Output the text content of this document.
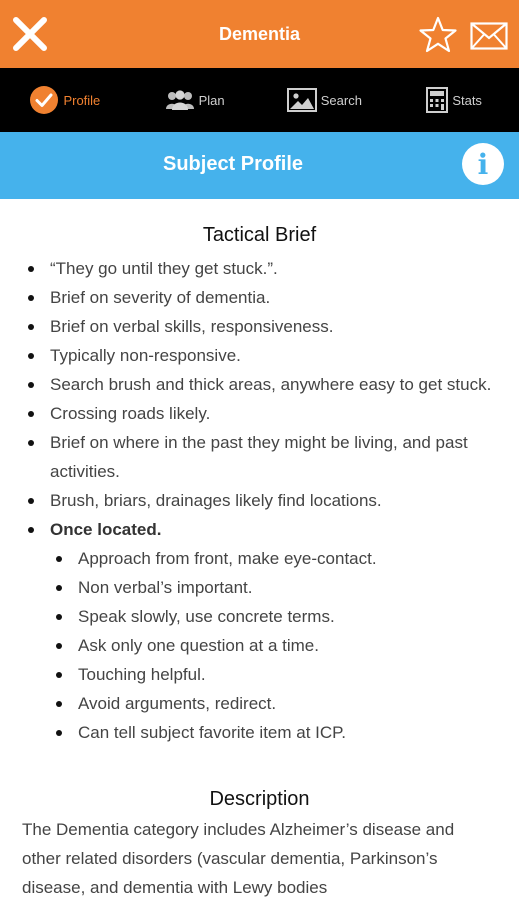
Dementia
Profile	Plan	Search	Stats
Subject Profile	i
Tactical Brief
“They go until they get stuck.”.
Brief on severity of dementia.
Brief on verbal skills, responsiveness.
Typically non-responsive.
Search brush and thick areas, anywhere easy to get stuck.
Crossing roads likely.
Brief on where in the past they might be living, and past activities.
Brush, briars, drainages likely find locations.
Once located.
Approach from front, make eye-contact.
Non verbal’s important.
Speak slowly, use concrete terms.
Ask only one question at a time.
Touching helpful.
Avoid arguments, redirect.
Can tell subject favorite item at ICP.
Description
The Dementia category includes Alzheimer’s disease and other related disorders (vascular dementia, Parkinson’s disease, and dementia with Lewy bodies
